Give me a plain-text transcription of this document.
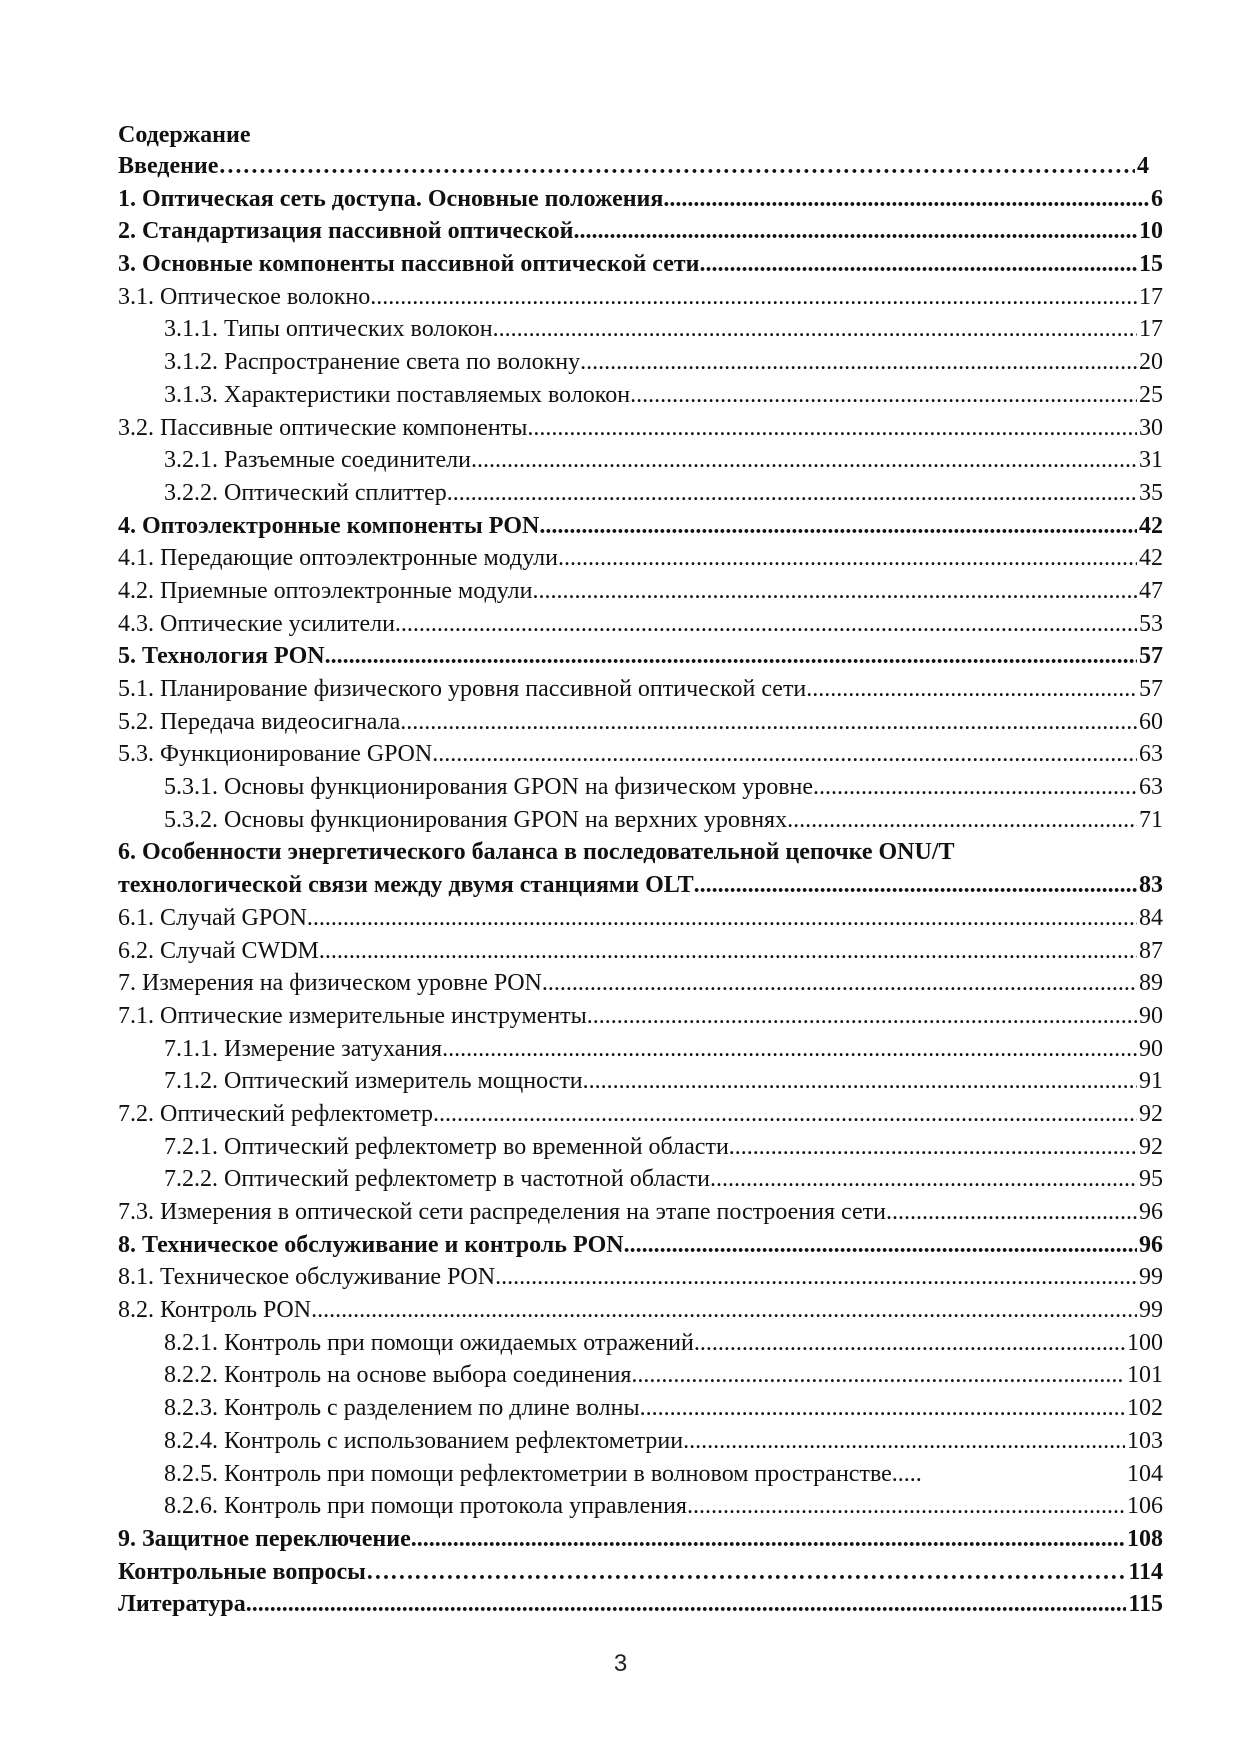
Содержание
Введение ………………………………………………………………………………………………………………………………………	4
1. Оптическая сеть доступа. Основные положения .....	6
2. Стандартизация пассивной оптической .....	10
3. Основные компоненты пассивной оптической сети .....	15
3.1. Оптическое волокно .....	17
3.1.1. Типы оптических волокон .....	17
3.1.2. Распространение света по волокну .....	20
3.1.3. Характеристики поставляемых волокон .....	25
3.2. Пассивные оптические компоненты .....	30
3.2.1. Разъемные соединители .....	31
3.2.2. Оптический сплиттер .....	35
4. Оптоэлектронные компоненты PON .....	42
4.1. Передающие оптоэлектронные модули .....	42
4.2. Приемные оптоэлектронные модули .....	47
4.3. Оптические усилители .....	53
5. Технология PON .....	57
5.1. Планирование физического уровня пассивной оптической сети .....	57
5.2. Передача видеосигнала .....	60
5.3. Функционирование GPON .....	63
5.3.1. Основы функционирования GPON на физическом уровне .....	63
5.3.2. Основы функционирования GPON на верхних уровнях .....	71
6. Особенности энергетического баланса в последовательной цепочке ONU/T
технологической связи между двумя станциями OLT .....	83
6.1. Случай GPON .....	84
6.2. Случай CWDM .....	87
7. Измерения на физическом уровне PON .....	89
7.1. Оптические измерительные инструменты .....	90
7.1.1. Измерение затухания .....	90
7.1.2. Оптический измеритель мощности .....	91
7.2. Оптический рефлектометр .....	92
7.2.1. Оптический рефлектометр во временной области .....	92
7.2.2. Оптический рефлектометр в частотной области .....	95
7.3. Измерения в оптической сети распределения на этапе построения сети .....	96
8. Техническое обслуживание и контроль PON .....	96
8.1. Техническое обслуживание PON .....	99
8.2. Контроль PON .....	99
8.2.1. Контроль при помощи ожидаемых отражений .....	100
8.2.2. Контроль на основе выбора соединения .....	101
8.2.3. Контроль с разделением по длине волны .....	102
8.2.4. Контроль с использованием рефлектометрии .....	103
8.2.5. Контроль при помощи рефлектометрии в волновом пространстве.....	104
8.2.6. Контроль при помощи протокола управления .....	106
9. Защитное переключение .....	108
Контрольные вопросы ………………………………………………………………………………………………………………………………………	114
Литература .....	115
3
